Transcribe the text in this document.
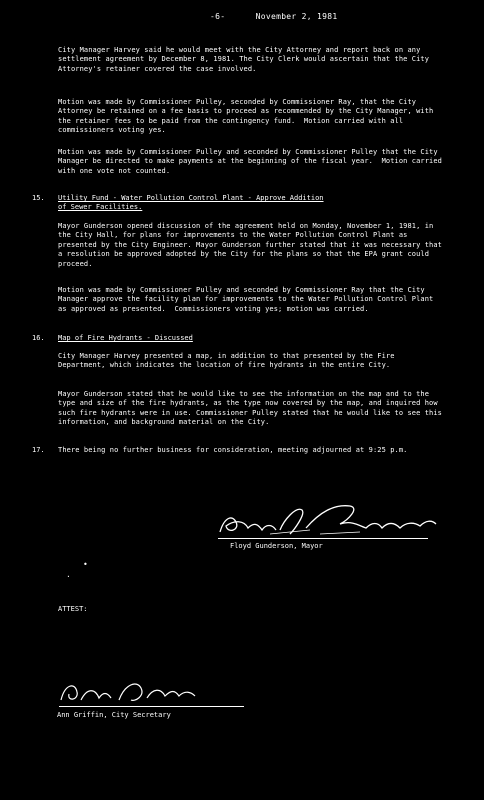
-6-	November 2, 1981
City Manager Harvey said he would meet with the City Attorney and report back on any settlement agreement by December 8, 1981. The City Clerk would ascertain that the City Attorney's retainer covered the case involved.
Motion was made by Commissioner Pulley, seconded by Commissioner Ray, that the City Attorney be retained on a fee basis to proceed as recommended by the City Manager, with the retainer fees to be paid from the contingency fund.  Motion carried with all commissioners voting yes.
Motion was made by Commissioner Pulley and seconded by Commissioner Pulley that the City Manager be directed to make payments at the beginning of the fiscal year.  Motion carried with one vote not counted.
15. Utility Fund - Water Pollution Control Plant - Approve Addition
of Sewer Facilities.
Mayor Gunderson opened discussion of the agreement held on Monday, November 1, 1981, in the City Hall, for plans for improvements to the Water Pollution Control Plant as presented by the City Engineer. Mayor Gunderson further stated that it was necessary that a resolution be approved adopted by the City for the plans so that the EPA grant could proceed.
Motion was made by Commissioner Pulley and seconded by Commissioner Ray that the City Manager approve the facility plan for improvements to the Water Pollution Control Plant as approved as presented.  Commissioners voting yes; motion was carried.
16. Map of Fire Hydrants - Discussed
City Manager Harvey presented a map, in addition to that presented by the Fire Department, which indicates the location of fire hydrants in the entire City.
Mayor Gunderson stated that he would like to see the information on the map and to the type and size of the fire hydrants, as the type now covered by the map, and inquired how such fire hydrants were in use. Commissioner Pulley stated that he would like to see this information, and background material on the City.
17. There being no further business for consideration, meeting adjourned at 9:25 p.m.
Floyd Gunderson, Mayor
•
·
ATTEST:
Ann Griffin, City Secretary
